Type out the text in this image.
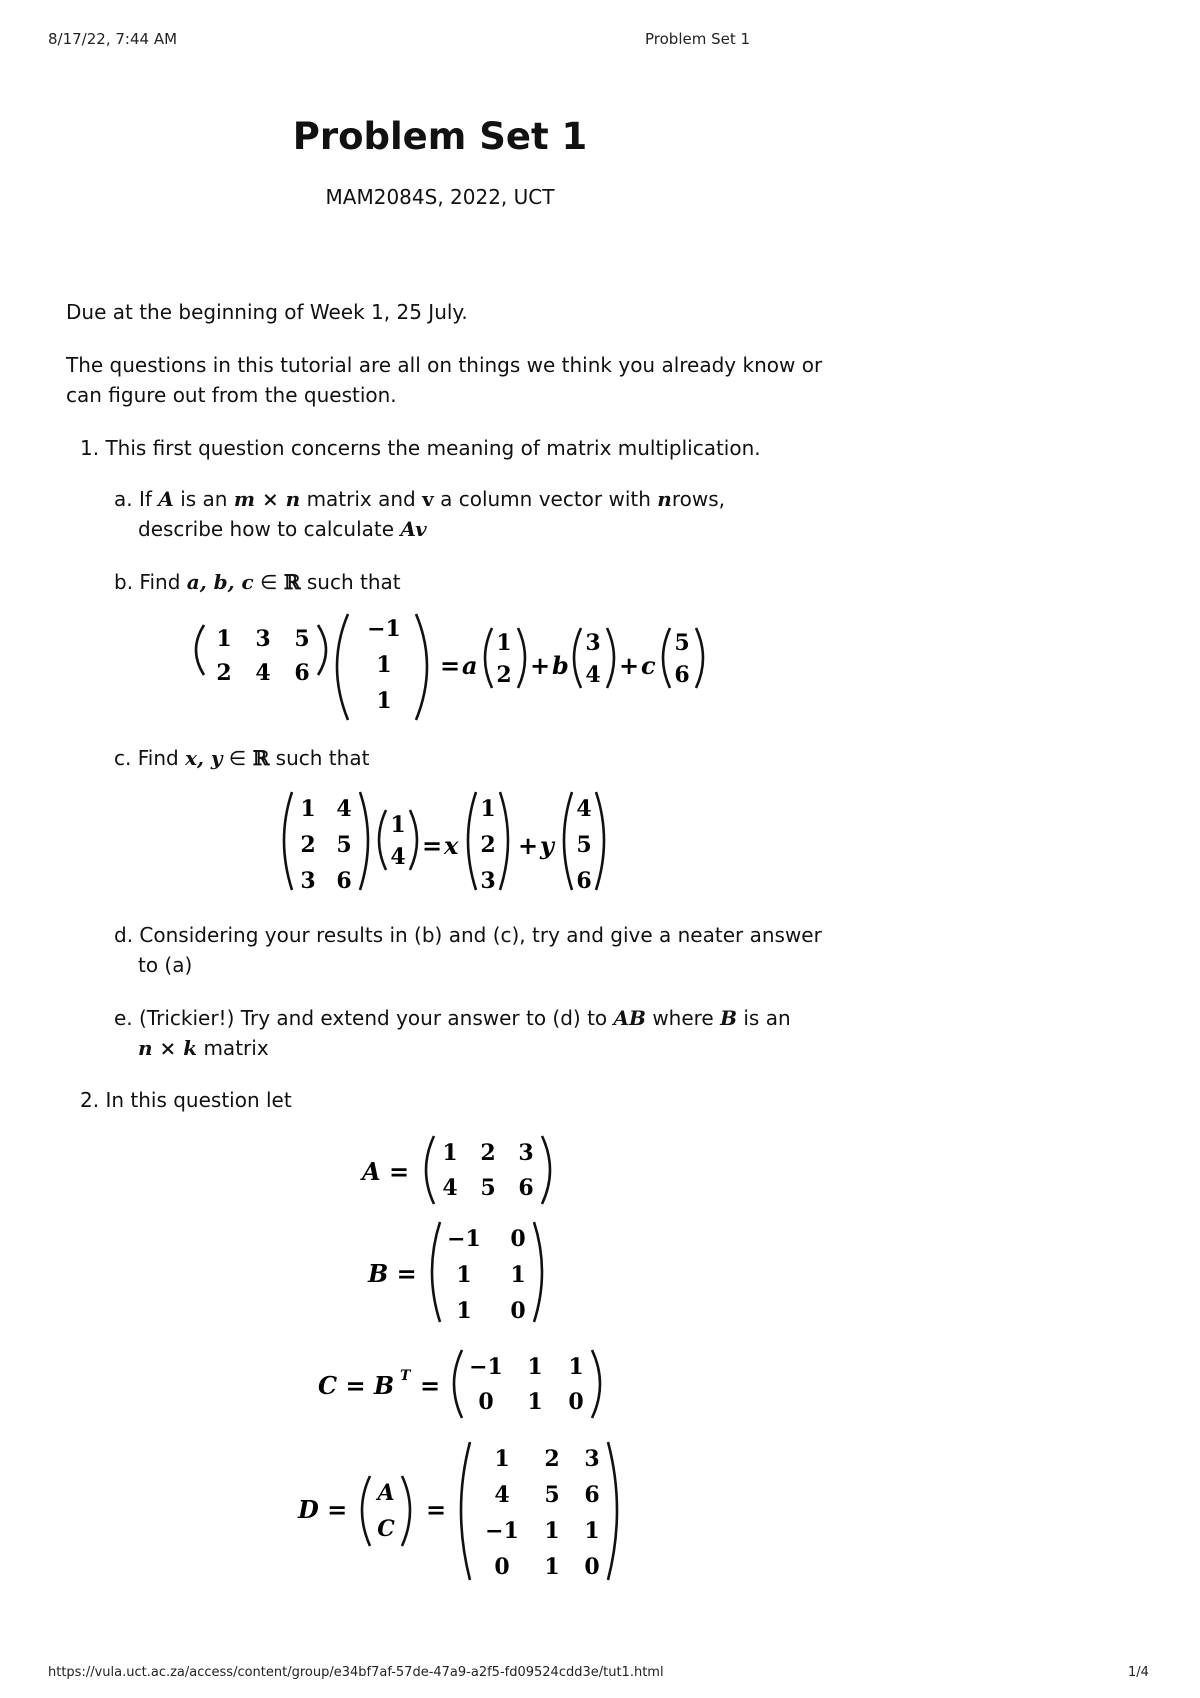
8/17/22, 7:44 AM	Problem Set 1
Problem Set 1
MAM2084S, 2022, UCT

Due at the beginning of Week 1, 25 July.

The questions in this tutorial are all on things we think you already know or
can figure out from the question.

1. This first question concerns the meaning of matrix multiplication.
a. If A is an m × n matrix and v a column vector with nrows,
describe how to calculate Av
b. Find a, b, c ∈ ℝ such that
1 3 5
2 4 6
−1
1
1
= a
1
2 + b
3
4 + c
5
6
c. Find x, y ∈ ℝ such that
1 4
2 5
3 6
1
4 = x
1
2
3
+ y
4
5
6
d. Considering your results in (b) and (c), try and give a neater answer
to (a)
e. (Trickier!) Try and extend your answer to (d) to AB where B is an
n × k matrix
2. In this question let
A =
1 2 3
4 5 6
B =
−1 0
1 1
1 0
C = B T =
−1 1 1
0 1 0
D =
A
C
=
1 2 3
4 5 6
−1 1 1
0 1 0
https://vula.uct.ac.za/access/content/group/e34bf7af-57de-47a9-a2f5-fd09524cdd3e/tut1.html	1/4
